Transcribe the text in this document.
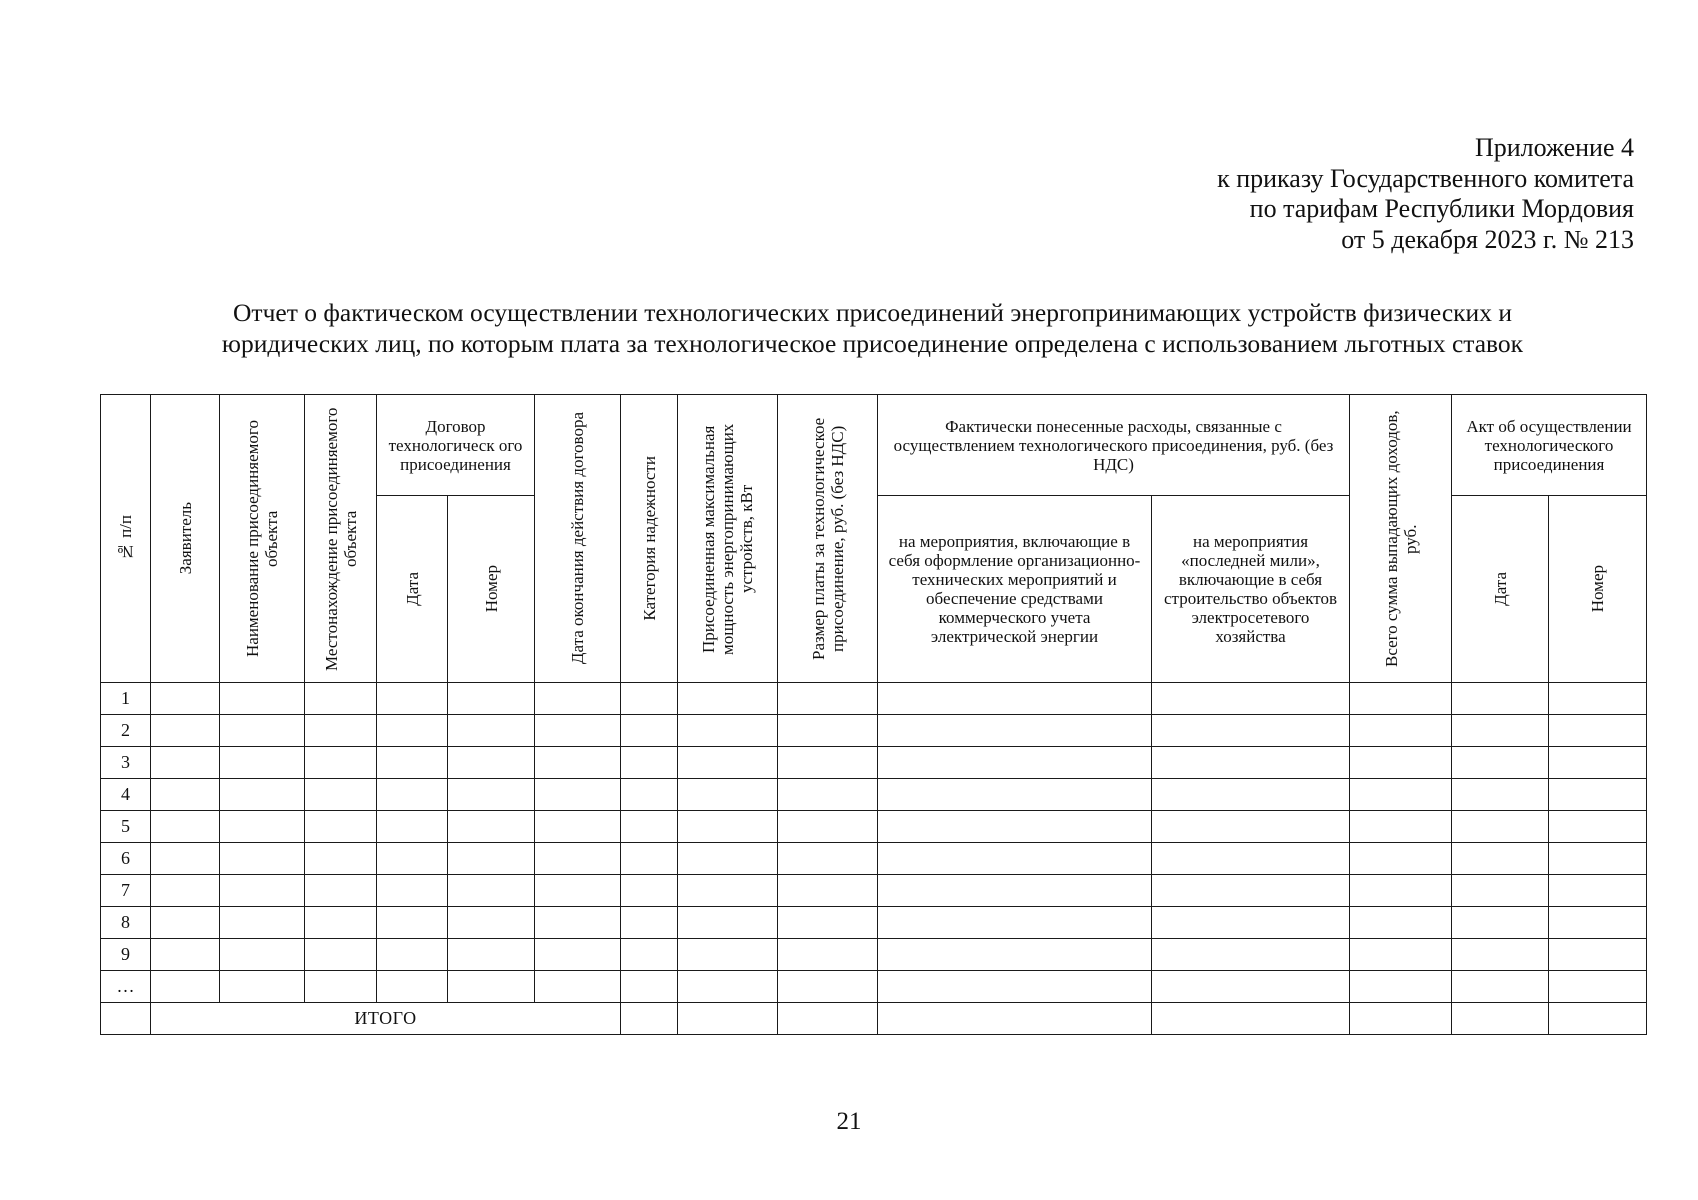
Приложение 4
к приказу Государственного комитета
по тарифам Республики Мордовия
от 5 декабря 2023 г. № 213
Отчет о фактическом осуществлении технологических присоединений энергопринимающих устройств физических и
юридических лиц, по которым плата за технологическое присоединение определена с использованием льготных ставок
№ п/п	Заявитель	Наименование присоединяемого объекта	Местонахождение присоединяемого объекта	Договор технологическ ого присоединения		Дата окончания действия договора	Категория надежности	Присоединенная максимальная мощность энергопринимающих устройств, кВт	Размер платы за технологическое присоединение, руб. (без НДС)	Фактически понесенные расходы, связанные с осуществлением технологического присоединения, руб. (без НДС)		Всего сумма выпадающих доходов, руб.	Акт об осуществлении технологического присоединения	

				Дата	Номер					на мероприятия, включающие в себя оформление организационно-технических мероприятий и обеспечение средствами коммерческого учета электрической энергии	на мероприятия «последней мили», включающие в себя строительство объектов электросетевого хозяйства		Дата	Номер

1														
2														
3														
4														
5														
6														
7														
8														
9														
…														
	ИТОГО													
21
